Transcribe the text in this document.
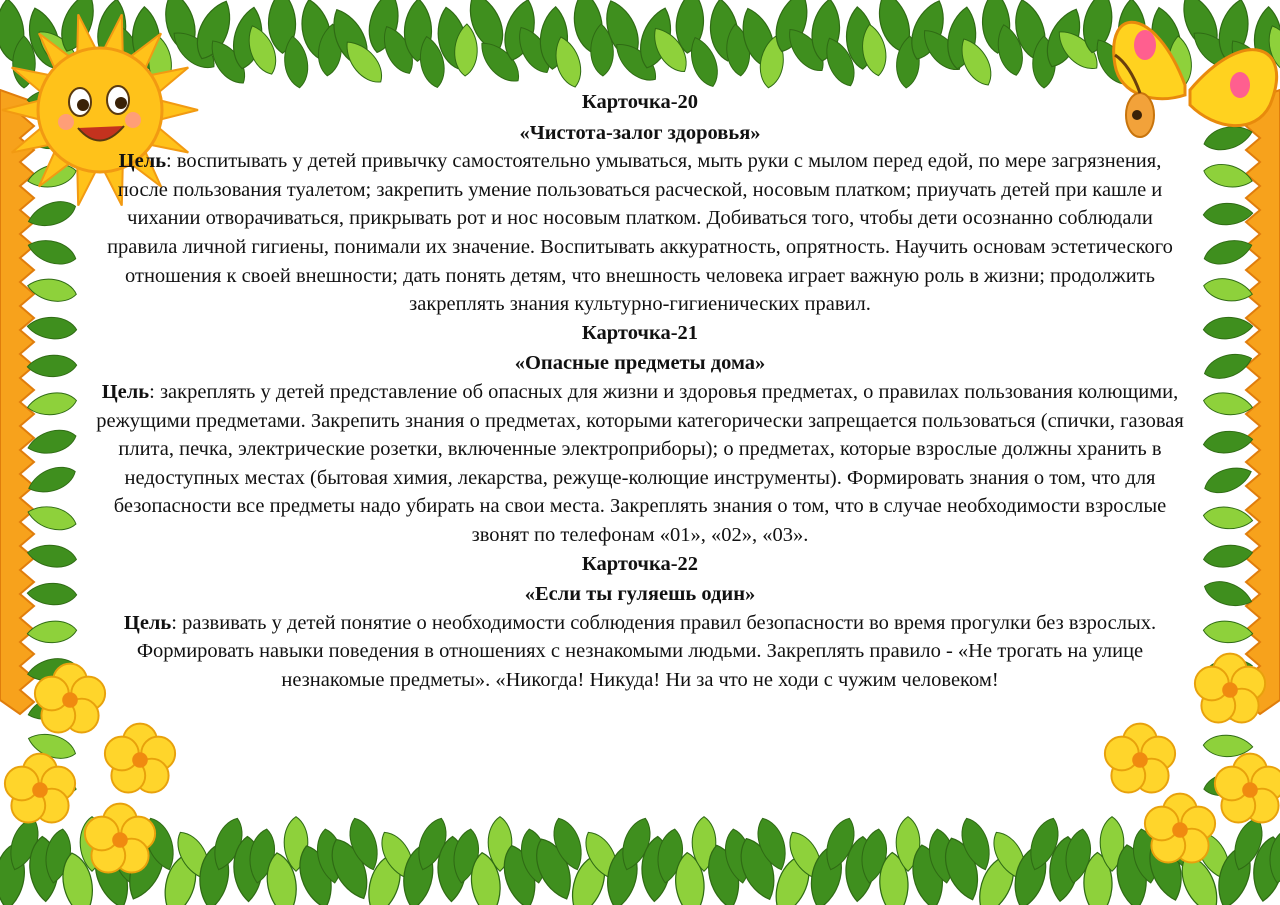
Карточка-20

«Чистота-залог здоровья»

Цель: воспитывать у детей привычку самостоятельно умываться, мыть руки с мылом перед едой, по мере загрязнения, после пользования туалетом; закрепить умение пользоваться расческой, носовым платком; приучать детей при кашле и чихании отворачиваться, прикрывать рот и нос носовым платком. Добиваться того, чтобы дети осознанно соблюдали правила личной гигиены, понимали их значение. Воспитывать аккуратность, опрятность. Научить основам эстетического отношения к своей внешности; дать понять детям, что внешность человека играет важную роль в жизни; продолжить закреплять знания культурно-гигиенических правил.

Карточка-21

«Опасные предметы дома»

Цель: закреплять у детей представление об опасных для жизни и здоровья предметах, о правилах пользования колющими, режущими предметами. Закрепить знания о предметах, которыми категорически запрещается пользоваться (спички, газовая плита, печка, электрические розетки, включенные электроприборы); о предметах, которые взрослые должны хранить в недоступных местах (бытовая химия, лекарства, режуще-колющие инструменты). Формировать знания о том, что для безопасности все предметы надо убирать на свои места. Закреплять знания о том, что в случае необходимости взрослые звонят по телефонам «01», «02», «03».

Карточка-22

«Если ты гуляешь один»

Цель: развивать у детей понятие о необходимости соблюдения правил безопасности во время прогулки без взрослых. Формировать навыки поведения в отношениях с незнакомыми людьми. Закреплять правило - «Не трогать на улице незнакомые предметы». «Никогда! Никуда! Ни за что не ходи с чужим человеком!
